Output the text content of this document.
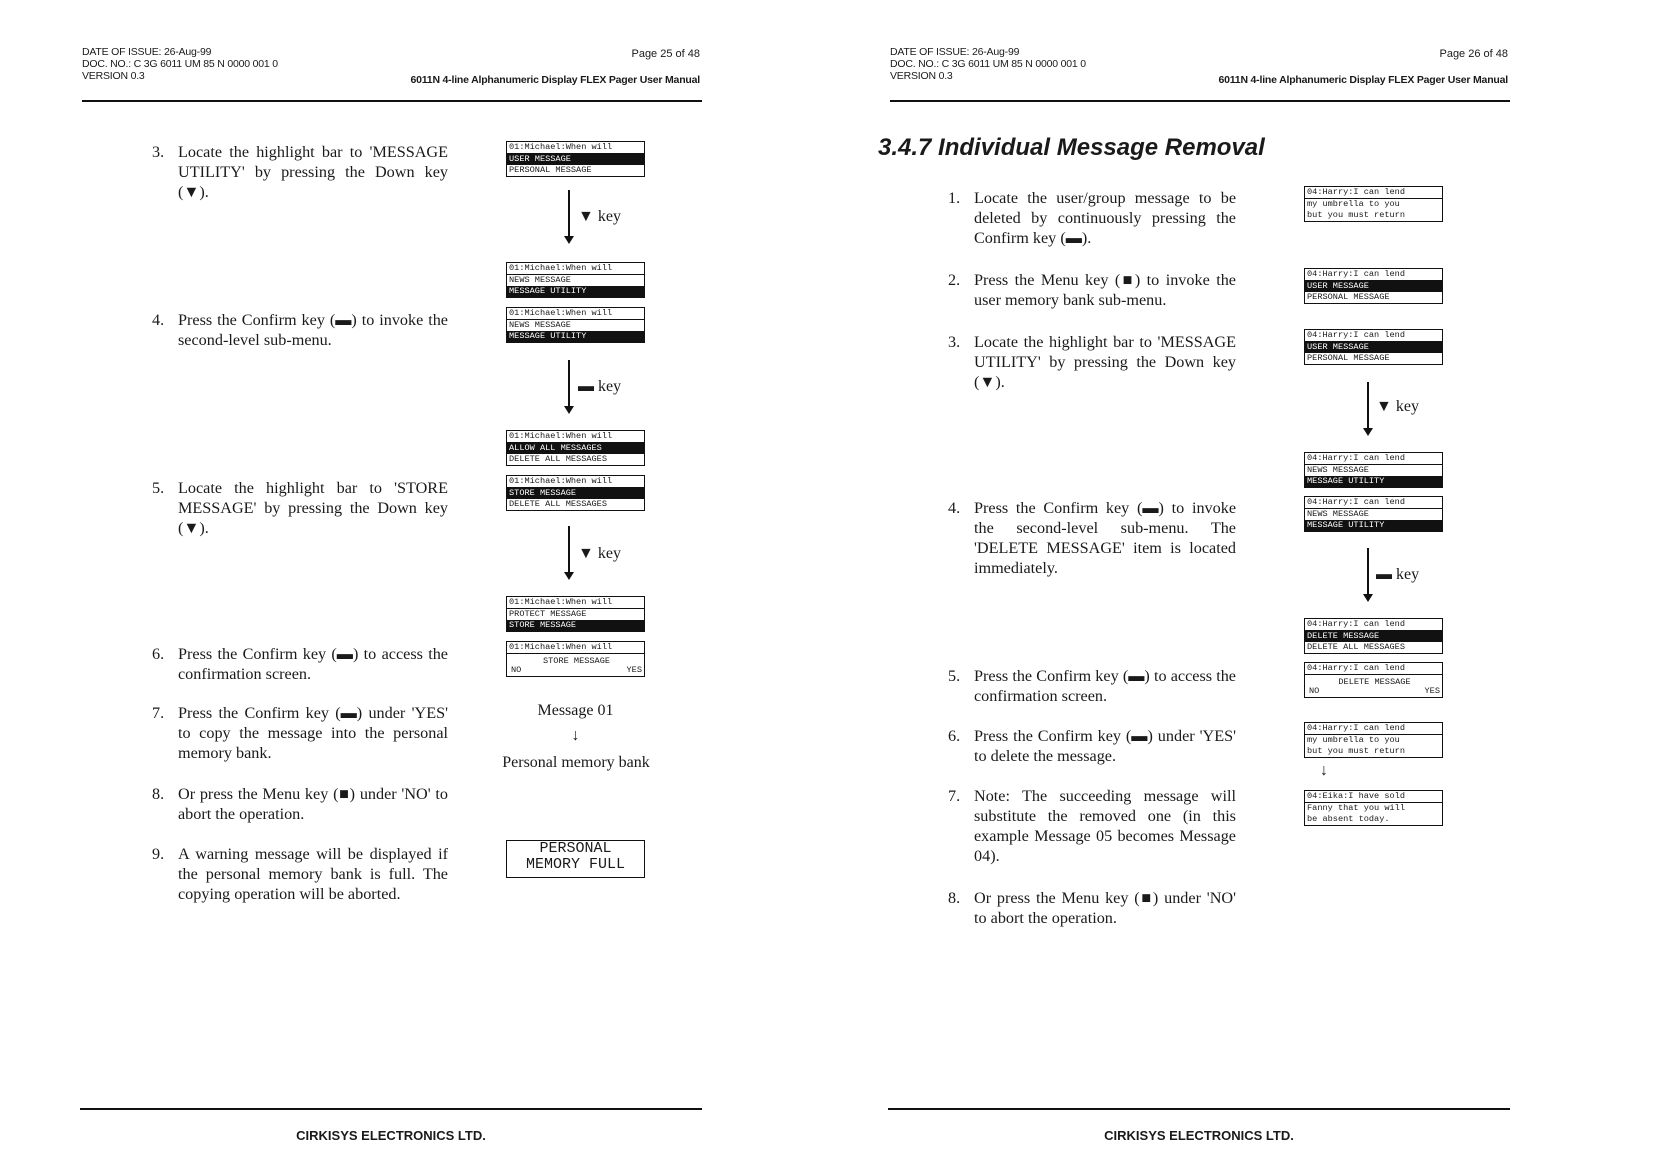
DATE OF ISSUE: 26-Aug-99
DOC. NO.: C 3G 6011 UM 85 N 0000 001 0
VERSION 0.3
Page 25 of 48
6011N 4-line Alphanumeric Display FLEX Pager User Manual
3. Locate the highlight bar to 'MESSAGE UTILITY' by pressing the Down key (▼).
4. Press the Confirm key (▬) to invoke the second-level sub-menu.
5. Locate the highlight bar to 'STORE MESSAGE' by pressing the Down key (▼).
6. Press the Confirm key (▬) to access the confirmation screen.
7. Press the Confirm key (▬) under 'YES' to copy the message into the personal memory bank.
8. Or press the Menu key (■) under 'NO' to abort the operation.
9. A warning message will be displayed if the personal memory bank is full. The copying operation will be aborted.
01:Michael:When will
USER MESSAGE
PERSONAL MESSAGE
▼ key
01:Michael:When will
NEWS MESSAGE
MESSAGE UTILITY
01:Michael:When will
NEWS MESSAGE
MESSAGE UTILITY
▬ key
01:Michael:When will
ALLOW ALL MESSAGES
DELETE ALL MESSAGES
01:Michael:When will
STORE MESSAGE
DELETE ALL MESSAGES
▼ key
01:Michael:When will
PROTECT MESSAGE
STORE MESSAGE
01:Michael:When will
STORE MESSAGE
NO	YES
Message 01
↓
Personal memory bank
PERSONAL
MEMORY FULL
CIRKISYS ELECTRONICS LTD.
DATE OF ISSUE: 26-Aug-99
DOC. NO.: C 3G 6011 UM 85 N 0000 001 0
VERSION 0.3
Page 26 of 48
6011N 4-line Alphanumeric Display FLEX Pager User Manual
3.4.7 Individual Message Removal
1. Locate the user/group message to be deleted by continuously pressing the Confirm key (▬).
2. Press the Menu key (■) to invoke the user memory bank sub-menu.
3. Locate the highlight bar to 'MESSAGE UTILITY' by pressing the Down key (▼).
4. Press the Confirm key (▬) to invoke the second-level sub-menu. The 'DELETE MESSAGE' item is located immediately.
5. Press the Confirm key (▬) to access the confirmation screen.
6. Press the Confirm key (▬) under 'YES' to delete the message.
7. Note: The succeeding message will substitute the removed one (in this example Message 05 becomes Message 04).
8. Or press the Menu key (■) under 'NO' to abort the operation.
04:Harry:I can lend
my umbrella to you
but you must return
04:Harry:I can lend
USER MESSAGE
PERSONAL MESSAGE
04:Harry:I can lend
USER MESSAGE
PERSONAL MESSAGE
▼ key
04:Harry:I can lend
NEWS MESSAGE
MESSAGE UTILITY
04:Harry:I can lend
NEWS MESSAGE
MESSAGE UTILITY
▬ key
04:Harry:I can lend
DELETE MESSAGE
DELETE ALL MESSAGES
04:Harry:I can lend
DELETE MESSAGE
NO	YES
04:Harry:I can lend
my umbrella to you
but you must return
↓
04:Eika:I have sold
Fanny that you will
be absent today.
CIRKISYS ELECTRONICS LTD.
